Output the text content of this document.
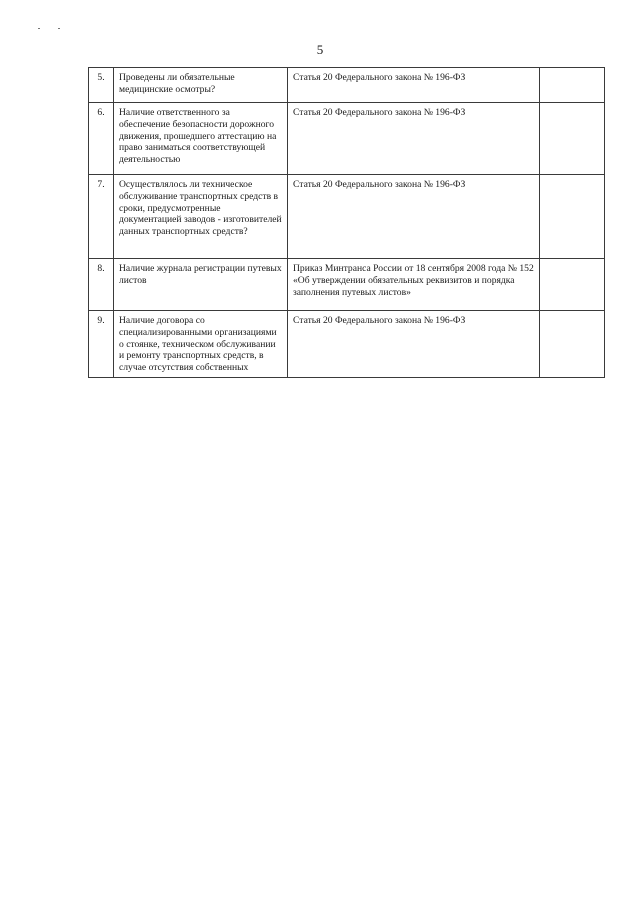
5
5.	Проведены ли обязательные медицинские осмотры?	Статья 20 Федерального закона № 196-ФЗ	
6.	Наличие ответственного за обеспечение безопасности дорожного движения, прошедшего аттестацию на право заниматься соответствующей деятельностью	Статья 20 Федерального закона № 196-ФЗ	
7.	Осуществлялось ли техническое обслуживание транспортных средств в сроки, предусмотренные документацией заводов - изготовителей данных транспортных средств?	Статья 20 Федерального закона № 196-ФЗ	
8.	Наличие журнала регистрации путевых листов	Приказ Минтранса России от 18 сентября 2008 года № 152 «Об утверждении обязательных реквизитов и порядка заполнения путевых листов»	
9.	Наличие договора со специализированными организациями о стоянке, техническом обслуживании и ремонту транспортных средств, в случае отсутствия собственных	Статья 20 Федерального закона № 196-ФЗ	
